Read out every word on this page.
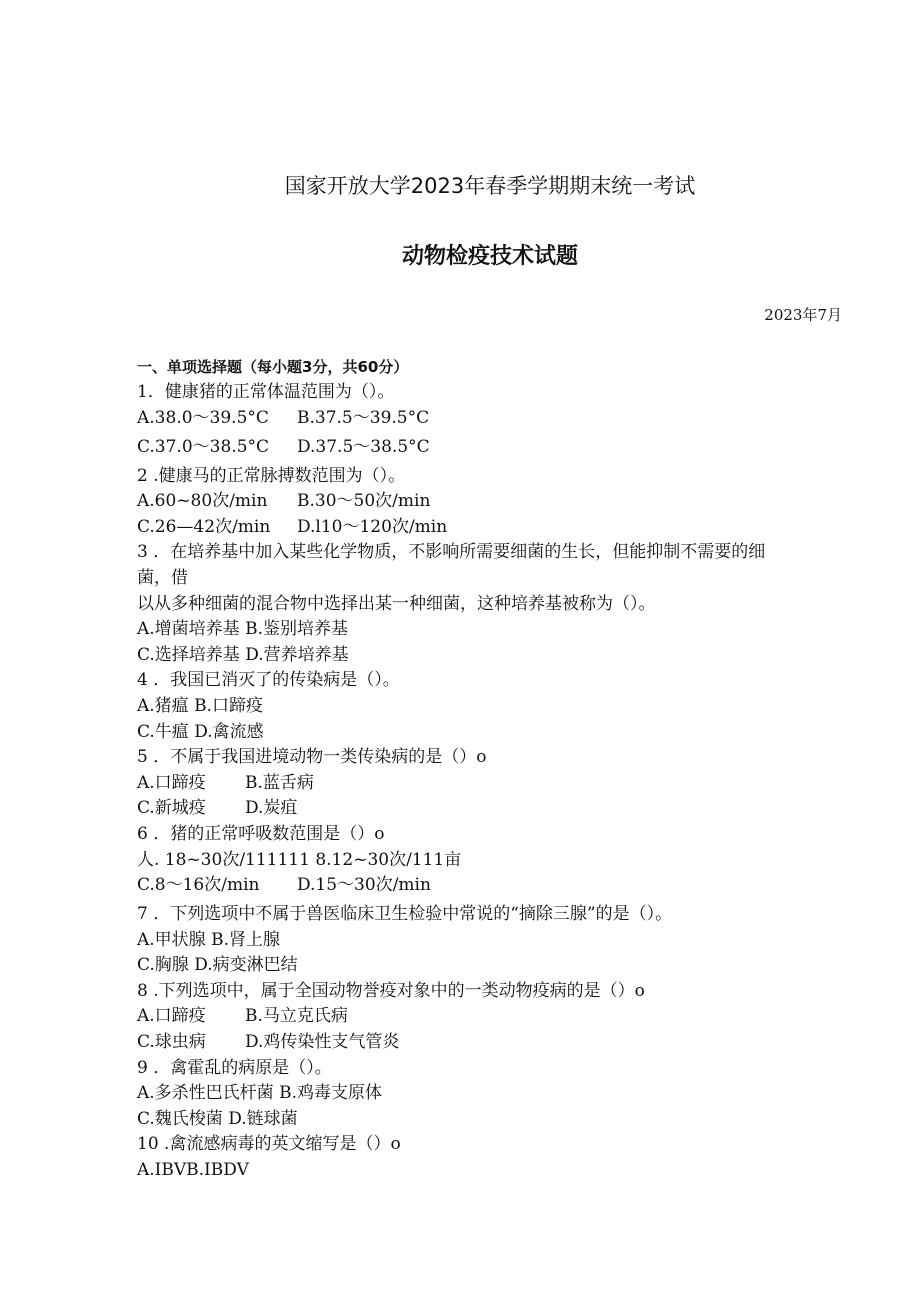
国家开放大学2023年春季学期期末统一考试
动物检疫技术试题
2023年7月
一、单项选择题（每小题3分，共60分）
1．健康猪的正常体温范围为（）。
A.38.0～39.5°C	B.37.5～39.5°C
C.37.0～38.5°C	D.37.5～38.5°C
2 .健康马的正常脉搏数范围为（）。
A.60~80次/min	B.30～50次/min
C.26—42次/min	D.l10～120次/min
3 ．在培养基中加入某些化学物质，不影响所需要细菌的生长，但能抑制不需要的细
菌，借
以从多种细菌的混合物中选择出某一种细菌，这种培养基被称为（）。
A.增菌培养基 B.鉴别培养基
C.选择培养基 D.营养培养基
4 ．我国已消灭了的传染病是（）。
A.猪瘟 B.口蹄疫
C.牛瘟 D.禽流感
5 ．不属于我国进境动物一类传染病的是（）o
A.口蹄疫	B.蓝舌病
C.新城疫	D.炭疽
6 ．猪的正常呼吸数范围是（）o
人. 18~30次/111111 8.12~30次/111亩
C.8～16次/min	D.15～30次/min
7 ．下列选项中不属于兽医临床卫生检验中常说的“摘除三腺”的是（）。
A.甲状腺 B.肾上腺
C.胸腺 D.病变淋巴结
8 .下列选项中，属于全国动物誉疫对象中的一类动物疫病的是（）o
A.口蹄疫	B.马立克氏病
C.球虫病	D.鸡传染性支气管炎
9 ．禽霍乱的病原是（）。
A.多杀性巴氏杆菌 B.鸡毒支原体
C.魏氏梭菌 D.链球菌
10 .禽流感病毒的英文缩写是（）o
A.IBVB.IBDV
